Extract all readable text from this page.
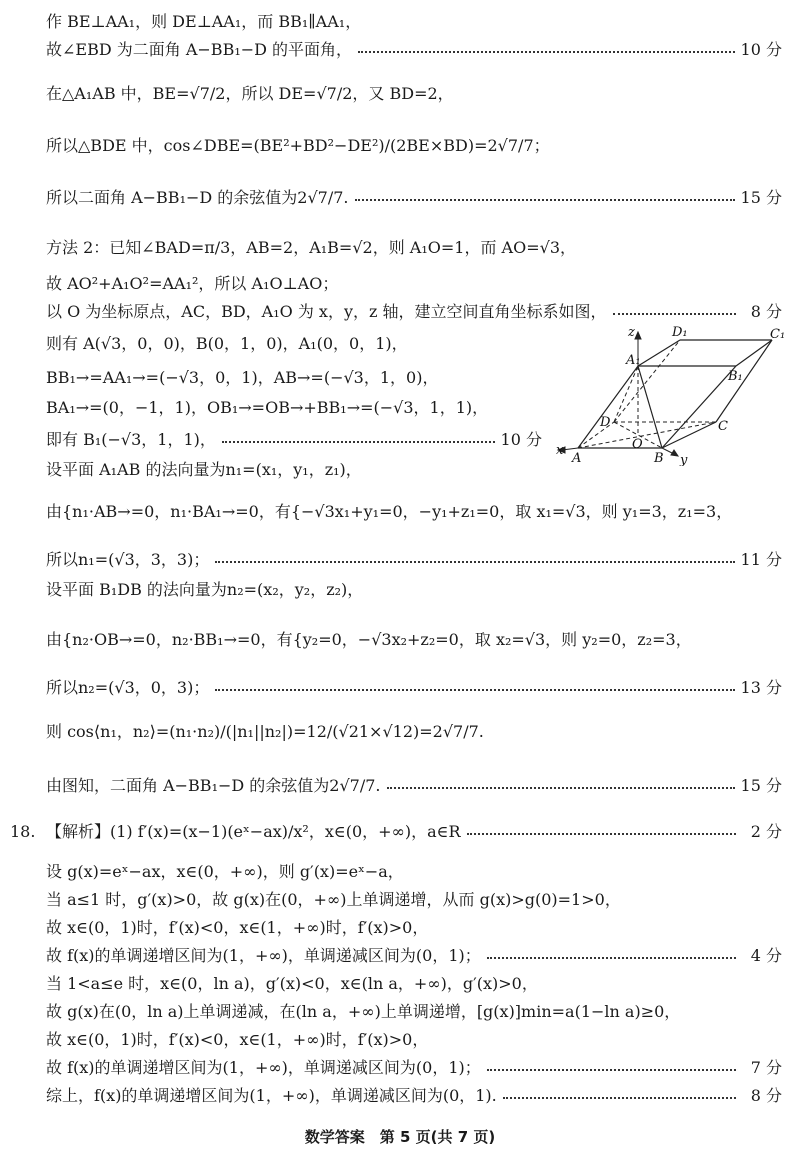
作 BE⊥AA₁，则 DE⊥AA₁，而 BB₁∥AA₁，
故∠EBD 为二面角 A−BB₁−D 的平面角，	10 分
在△A₁AB 中，BE=√7/2，所以 DE=√7/2，又 BD=2，
所以△BDE 中，cos∠DBE=(BE²+BD²−DE²)/(2BE×BD)=2√7/7；
所以二面角 A−BB₁−D 的余弦值为2√7/7.	15 分
方法 2：已知∠BAD=π/3，AB=2，A₁B=√2，则 A₁O=1，而 AO=√3，
故 AO²+A₁O²=AA₁²，所以 A₁O⊥AO；
以 O 为坐标原点，AC，BD，A₁O 为 x，y，z 轴，建立空间直角坐标系如图，	8 分
则有 A(√3，0，0)，B(0，1，0)，A₁(0，0，1)，
BB₁→=AA₁→=(−√3，0，1)，AB→=(−√3，1，0)，
BA₁→=(0，−1，1)，OB₁→=OB→+BB₁→=(−√3，1，1)，
即有 B₁(−√3，1，1)，	10 分
设平面 A₁AB 的法向量为n₁=(x₁，y₁，z₁)，
由{n₁·AB→=0，n₁·BA₁→=0，有{−√3x₁+y₁=0，−y₁+z₁=0，取 x₁=√3，则 y₁=3，z₁=3，
所以n₁=(√3，3，3)；	11 分
设平面 B₁DB 的法向量为n₂=(x₂，y₂，z₂)，
由{n₂·OB→=0，n₂·BB₁→=0，有{y₂=0，−√3x₂+z₂=0，取 x₂=√3，则 y₂=0，z₂=3，
所以n₂=(√3，0，3)；	13 分
则 cos⟨n₁，n₂⟩=(n₁·n₂)/(|n₁||n₂|)=12/(√21×√12)=2√7/7.
由图知，二面角 A−BB₁−D 的余弦值为2√7/7.	15 分
18. 【解析】(1) f′(x)=(x−1)(eˣ−ax)/x²，x∈(0，+∞)，a∈R	2 分
设 g(x)=eˣ−ax，x∈(0，+∞)，则 g′(x)=eˣ−a，
当 a≤1 时，g′(x)>0，故 g(x)在(0，+∞)上单调递增，从而 g(x)>g(0)=1>0，
故 x∈(0，1)时，f′(x)<0，x∈(1，+∞)时，f′(x)>0，
故 f(x)的单调递增区间为(1，+∞)，单调递减区间为(0，1)；	4 分
当 1<a≤e 时，x∈(0，ln a)，g′(x)<0，x∈(ln a，+∞)，g′(x)>0，
故 g(x)在(0，ln a)上单调递减，在(ln a，+∞)上单调递增，[g(x)]min=a(1−ln a)≥0，
故 x∈(0，1)时，f′(x)<0，x∈(1，+∞)时，f′(x)>0，
故 f(x)的单调递增区间为(1，+∞)，单调递减区间为(0，1)；	7 分
综上，f(x)的单调递增区间为(1，+∞)，单调递减区间为(0，1).	8 分
z	D₁	C₁
A₁
B₁
D	C
O
x
A	B y
数学答案　第 5 页(共 7 页)
